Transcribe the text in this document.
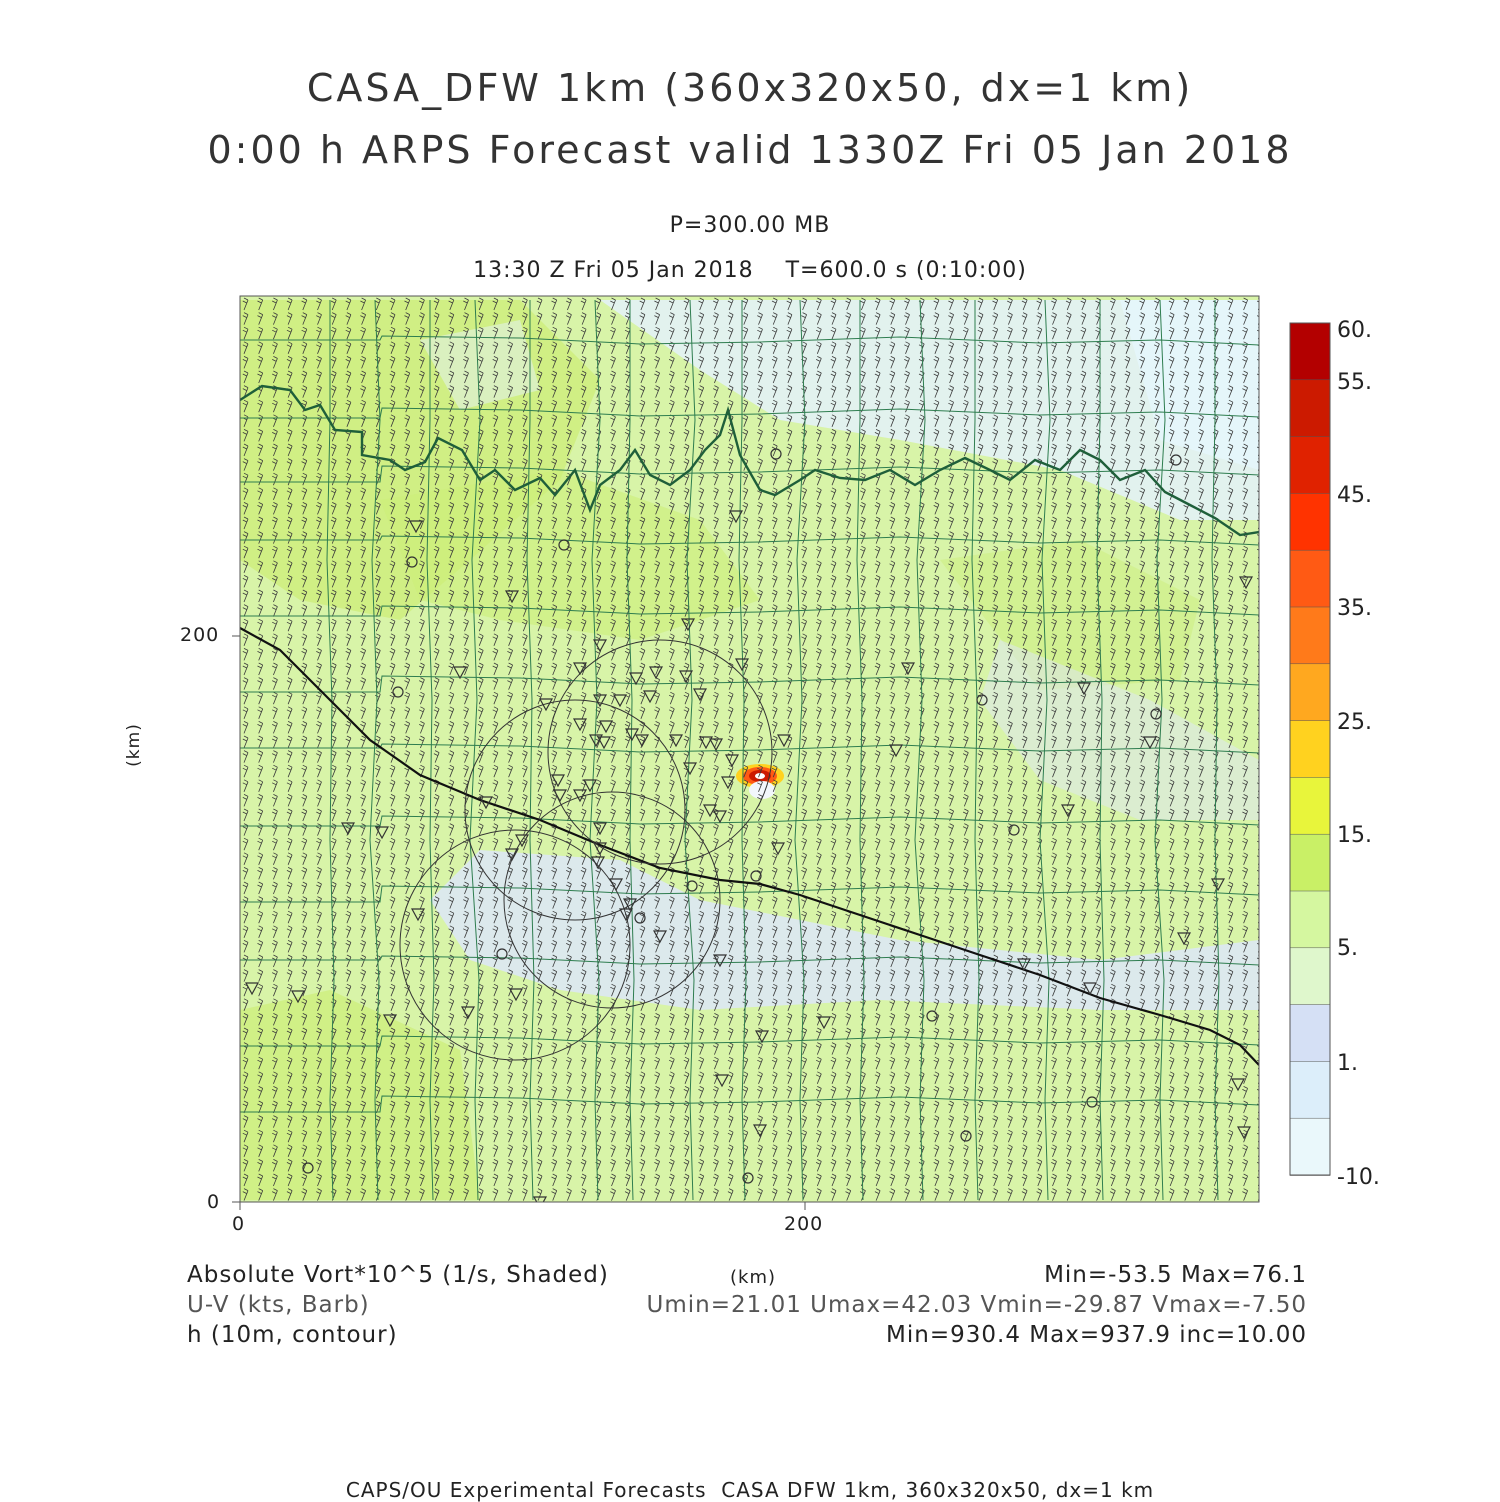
60.
55.
45.
35.
25.
15.
5.
1.
-10.
CASA_DFW 1km (360x320x50, dx=1 km)
0:00 h ARPS Forecast valid 1330Z Fri 05 Jan 2018
P=300.00 MB
13:30 Z Fri 05 Jan 2018    T=600.0 s (0:10:00)
200
0
0	200
(km)
Absolute Vort*10^5 (1/s, Shaded)
U-V (kts, Barb)
h (10m, contour)
(km)	Min=-53.5 Max=76.1
Umin=21.01 Umax=42.03 Vmin=-29.87 Vmax=-7.50
Min=930.4 Max=937.9 inc=10.00
CAPS/OU Experimental Forecasts  CASA DFW 1km, 360x320x50, dx=1 km
